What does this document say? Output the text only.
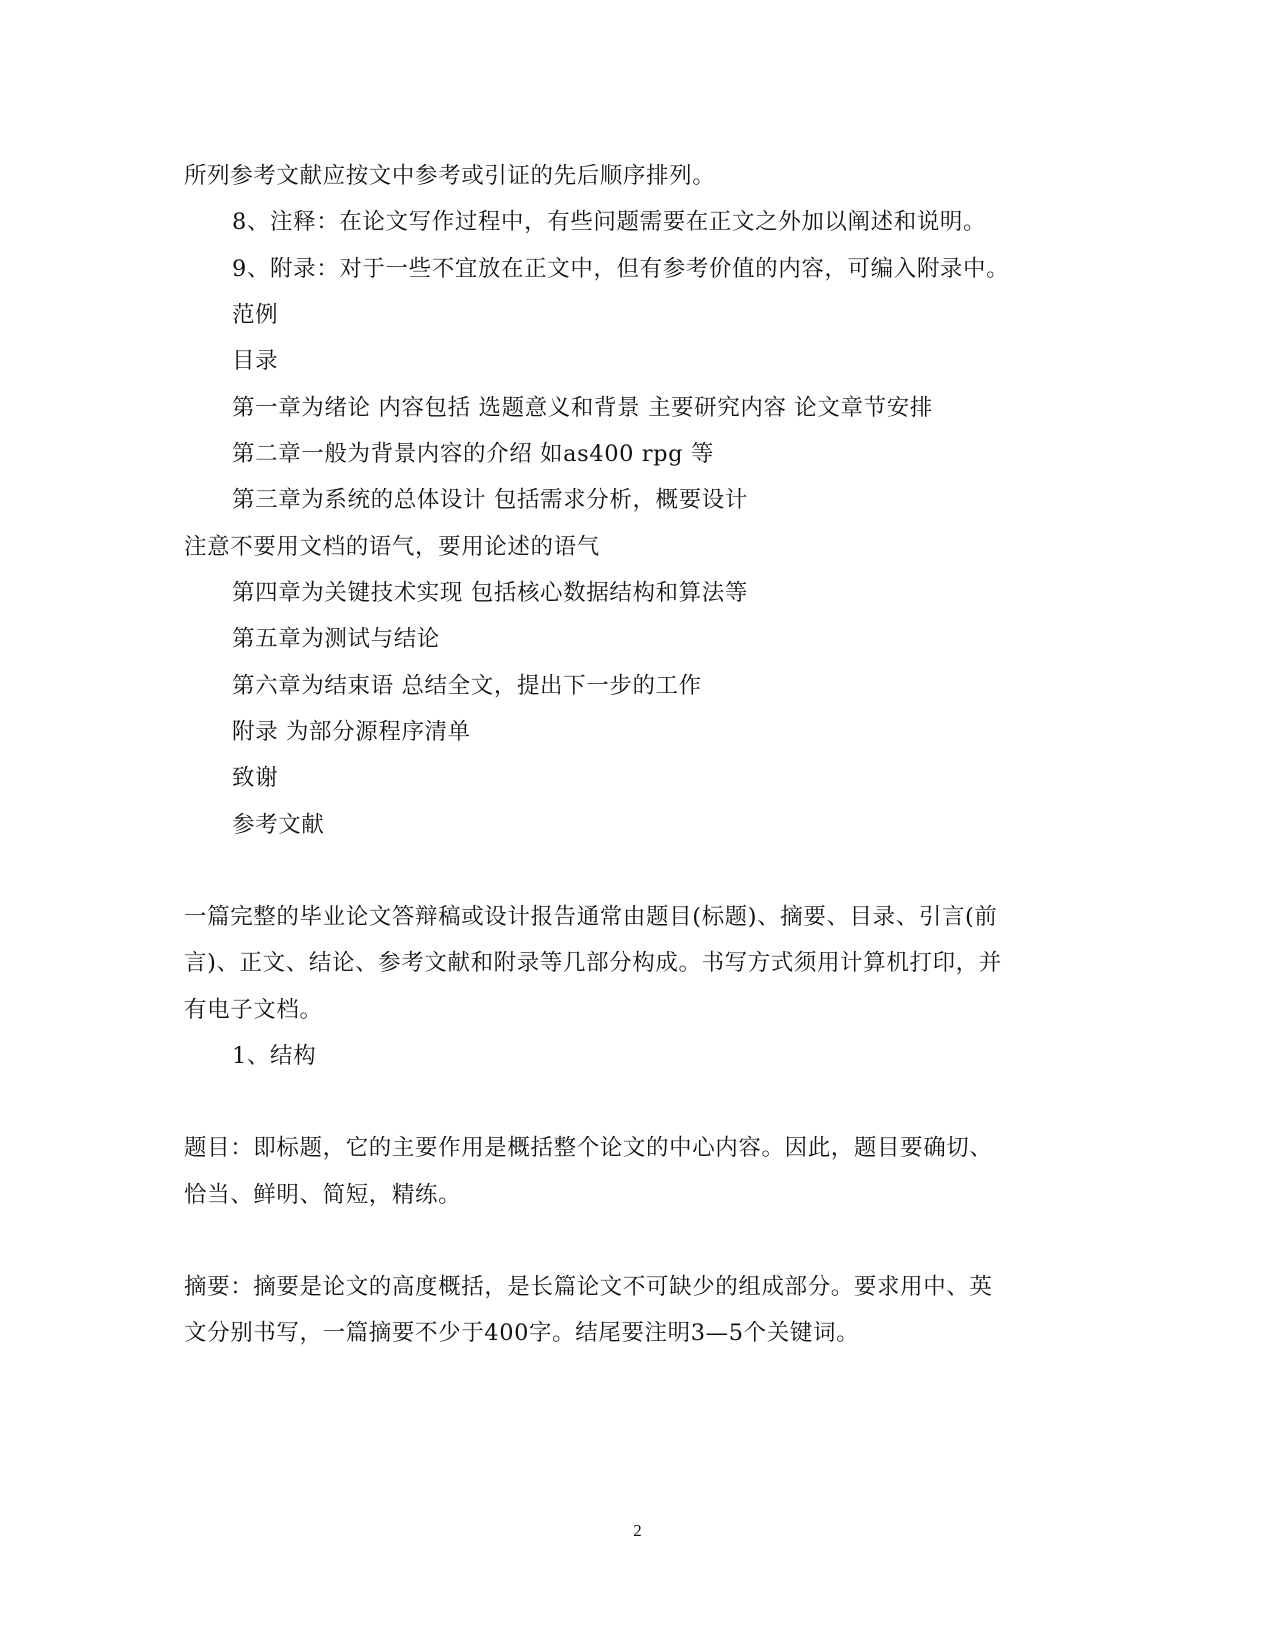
所列参考文献应按文中参考或引证的先后顺序排列。
8、注释：在论文写作过程中，有些问题需要在正文之外加以阐述和说明。
9、附录：对于一些不宜放在正文中，但有参考价值的内容，可编入附录中。
范例
目录
第一章为绪论 内容包括 选题意义和背景 主要研究内容 论文章节安排
第二章一般为背景内容的介绍 如as400 rpg 等
第三章为系统的总体设计 包括需求分析，概要设计
注意不要用文档的语气，要用论述的语气
第四章为关键技术实现 包括核心数据结构和算法等
第五章为测试与结论
第六章为结束语 总结全文，提出下一步的工作
附录 为部分源程序清单
致谢
参考文献
一篇完整的毕业论文答辩稿或设计报告通常由题目(标题)、摘要、目录、引言(前
言)、正文、结论、参考文献和附录等几部分构成。书写方式须用计算机打印，并
有电子文档。
1、结构
题目：即标题，它的主要作用是概括整个论文的中心内容。因此，题目要确切、
恰当、鲜明、简短，精练。
摘要：摘要是论文的高度概括，是长篇论文不可缺少的组成部分。要求用中、英
文分别书写，一篇摘要不少于400字。结尾要注明3—5个关键词。
2
